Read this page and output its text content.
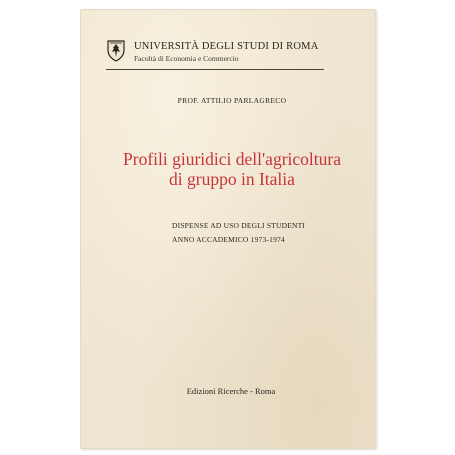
UNIVERSITÀ DEGLI STUDI DI ROMA
Facoltà di Economia e Commercio
PROF. ATTILIO PARLAGRECO
Profili giuridici dell'agricoltura
di gruppo in Italia
DISPENSE AD USO DEGLI STUDENTI
ANNO ACCADEMICO 1973-1974
Edizioni Ricerche - Roma
